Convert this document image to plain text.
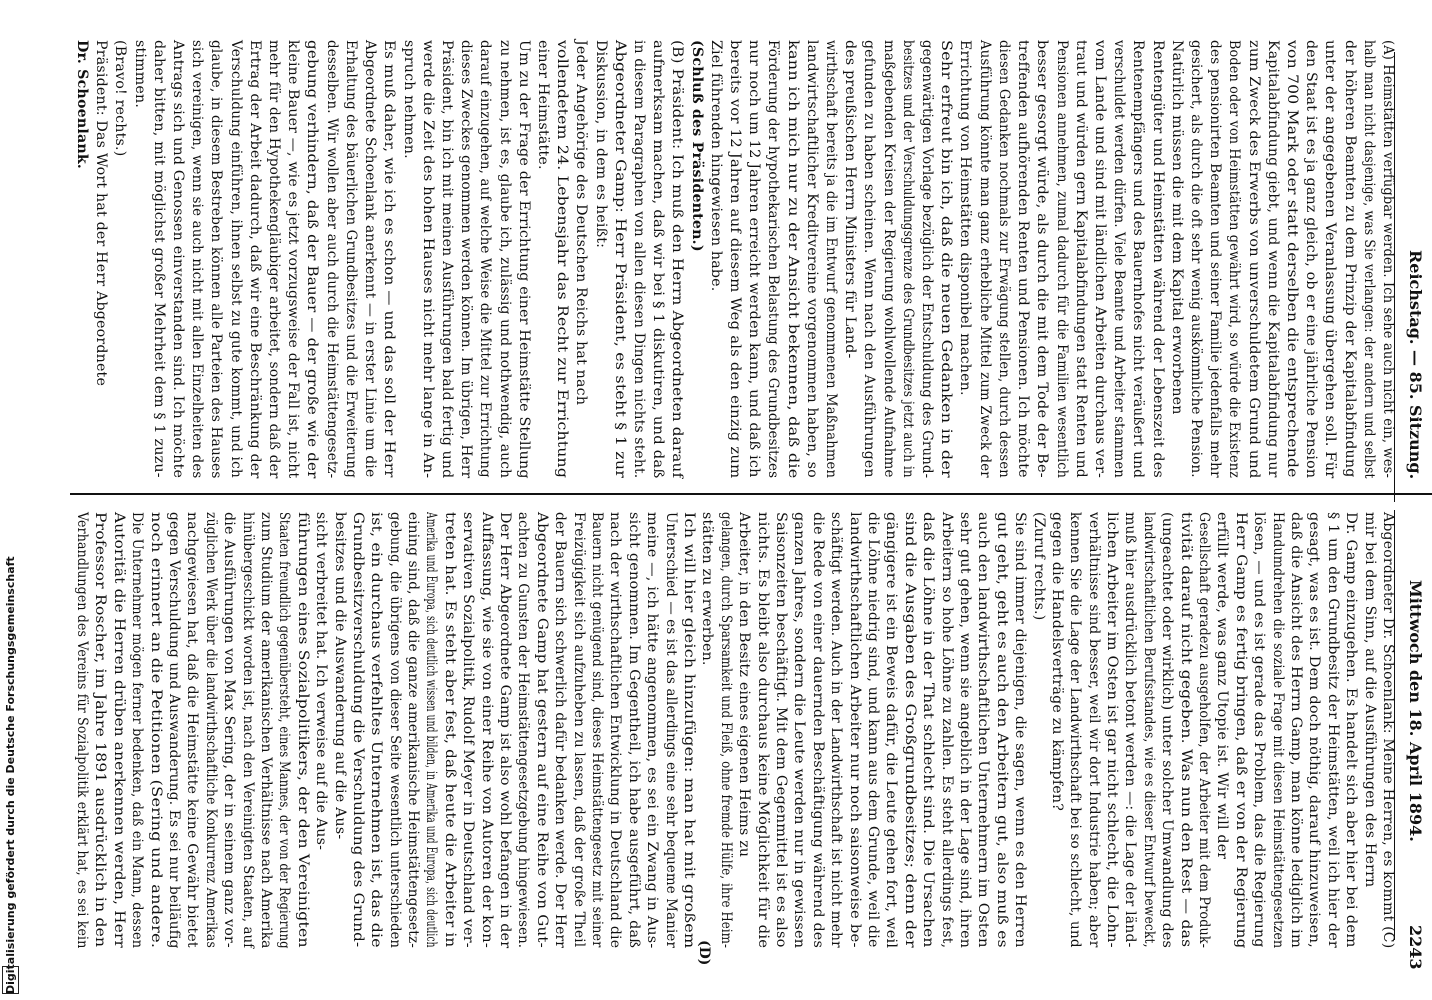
Digitalisierung gefördert durch die Deutsche Forschungsgemeinschaft
Reichstag. — 85. Sitzung.
Mittwoch den 18. April 1894.
2243
(D)
(A) Heimstätten verfügbar werden. Ich sehe auch nicht ein, wes-
halb man nicht dasjenige, was Sie verlangen: der andern und selbst
der höheren Beamten zu dem Prinzip der Kapitalabfindung
unter der angegebenen Veranlassung übergehen soll. Für
den Staat ist es ja ganz gleich, ob er eine jährliche Pension
von 700 Mark oder statt derselben die entsprechende
Kapitalabfindung giebt, und wenn die Kapitalabfindung nur
zum Zweck des Erwerbs von unverschuldetem Grund und
Boden oder von Heimstätten gewährt wird, so würde die Existenz
des pensionirten Beamten und seiner Familie jedenfalls mehr
gesichert, als durch die oft sehr wenig auskömmliche Pension.
Natürlich müssen die mit dem Kapital erworbenen
Rentengüter und Heimstätten während der Lebenszeit des
Rentenempfängers und des Bauernhofes nicht veräußert und
verschuldet werden dürfen. Viele Beamte und Arbeiter stammen
vom Lande und sind mit ländlichen Arbeiten durchaus ver-
traut und würden gern Kapitalabfindungen statt Renten und
Pensionen annehmen, zumal dadurch für die Familien wesentlich
besser gesorgt würde, als durch die mit dem Tode der Be-
treffenden aufhörenden Renten und Pensionen. Ich möchte
diesen Gedanken nochmals zur Erwägung stellen, durch dessen
Ausführung könnte man ganz erhebliche Mittel zum Zweck der
Errichtung von Heimstätten disponibel machen.
Sehr erfreut bin ich, daß die neuen Gedanken in der
gegenwärtigen Vorlage bezüglich der Entschuldung des Grund-
besitzes und der Verschuldungsgrenze des Grundbesitzes jetzt auch in
maßgebenden Kreisen der Regierung wohlwollende Aufnahme
gefunden zu haben scheinen. Wenn nach den Ausführungen
des preußischen Herrn Ministers für Land-
wirthschaft bereits ja die im Entwurf genommenen Maßnahmen
landwirtschaftlicher Kreditvereine vorgenommen haben, so
kann ich mich nur zu der Ansicht bekennen, daß die
Förderung der hypothekarischen Belastung des Grundbesitzes
nur noch um 12 Jahren erreicht werden kann, und daß ich
bereits vor 12 Jahren auf diesem Weg als den einzig zum
Ziel führenden hingewiesen habe.
(Schluß des Präsidenten.)
(B) Präsident: Ich muß den Herrn Abgeordneten darauf
aufmerksam machen, daß wir bei § 1 diskutiren, und daß
in diesem Paragraphen von allen diesen Dingen nichts steht.
Abgeordneter Gamp: Herr Präsident, es steht § 1 zur
Diskussion, in dem es heißt:
Jeder Angehörige des Deutschen Reichs hat nach
vollendetem 24. Lebensjahr das Recht zur Errichtung
einer Heimstätte.
Um zu der Frage der Errichtung einer Heimstätte Stellung
zu nehmen, ist es, glaube ich, zulässig und nothwendig, auch
darauf einzugehen, auf welche Weise die Mittel zur Errichtung
dieses Zweckes genommen werden können. Im übrigen, Herr
Präsident, bin ich mit meinen Ausführungen bald fertig und
werde die Zeit des hohen Hauses nicht mehr lange in An-
spruch nehmen.
Es muß daher, wie ich es schon — und das soll der Herr
Abgeordnete Schoenlank anerkennt — in erster Linie um die
Erhaltung des bäuerlichen Grundbesitzes und die Erweiterung
desselben. Wir wollen aber auch durch die Heimstättengesetz-
gebung verhindern, daß der Bauer — der große wie der
kleine Bauer —, wie es jetzt vorzugsweise der Fall ist, nicht
mehr für den Hypothekengläubiger arbeitet, sondern daß der
Ertrag der Arbeit dadurch, daß wir eine Beschränkung der
Verschuldung einführen, ihnen selbst zu gute kommt, und ich
glaube, in diesem Bestreben können alle Parteien des Hauses
sich vereinigen, wenn sie auch nicht mit allen Einzelheiten des
Antrags sich und Genossen einverstanden sind. Ich möchte
daher bitten, mit möglichst großer Mehrheit dem § 1 zuzu-
stimmen.
(Bravo! rechts.)
Präsident: Das Wort hat der Herr Abgeordnete
Dr. Schoenlank.
Abgeordneter Dr. Schoenlank: Meine Herren, es kommt (C)
mir bei dem Sinn, auf die Ausführungen des Herrn
Dr. Gamp einzugehen. Es handelt sich aber hier bei dem
§ 1 um den Grundbesitz der Heimstätten, weil ich hier der
gesagt, was es ist. Dem doch nöthig, darauf hinzuweisen,
daß die Ansicht des Herrn Gamp, man könne lediglich im
Handumdrehen die soziale Frage mit diesen Heimstättengesetzen
lösen, — und es ist gerade das Problem, das die Regierung
Herr Gamp es fertig bringen, daß er von der Regierung
erfüllt werde, was ganz Utopie ist. Wir will der
Gesellschaft geradezu ausgeholfen, der Arbeiter mit dem Produk-
tivität darauf nicht gegeben. Was nun den Rest — das
(ungeachtet oder wirklich) unter solcher Umwandlung des
landwirtschaftlichen Berufsstandes, wie es dieser Entwurf beweckt,
muß hier ausdrücklich betont werden —: die Lage der länd-
lichen Arbeiter im Osten ist gar nicht schlecht, die Lohn-
verhältnisse sind besser, weil wir dort Industrie haben; aber
kennen Sie die Lage der Landwirthschaft bei so schlecht, und
gegen die Handelsverträge zu kämpfen?
(Zuruf rechts.)
Sie sind immer diejenigen, die sagen, wenn es den Herren
gut geht, geht es auch den Arbeitern gut, also muß es
auch den landwirthschaftlichen Unternehmern im Osten
sehr gut gehen, wenn sie angeblich in der Lage sind, ihren
Arbeitern so hohe Löhne zu zahlen. Es steht allerdings fest,
daß die Löhne in der That schlecht sind. Die Ursachen
sind die Ausgaben des Großgrundbesitzes; denn der
gängigere ist ein Beweis dafür, die Leute gehen fort, weil
die Löhne niedrig sind, und kann aus dem Grunde, weil die
landwirthschaftlichen Arbeiter nur noch saisonweise be-
schäftigt werden. Auch in der Landwirthschaft ist nicht mehr
die Rede von einer dauernden Beschäftigung während des
ganzen Jahres, sondern die Leute werden nur in gewissen
Saisonzeiten beschäftigt. Mit dem Gegenmittel ist es also
nichts. Es bleibt also durchaus keine Möglichkeit für die
Arbeiter, in den Besitz eines eigenen Heims zu
gelangen, durch Sparsamkeit und Fleiß, ohne fremde Hülfe, ihre Heim-
stätten zu erwerben.
Ich will hier gleich hinzufügen: man hat mit großem
Unterschied — es ist das allerdings eine sehr bequeme Manier
meine —, ich hätte angenommen, es sei ein Zwang in Aus-
sicht genommen. Im Gegentheil, ich habe ausgeführt, daß
nach der wirthschaftlichen Entwicklung in Deutschland die
Bauern nicht genügend sind, dieses Heimstättengesetz mit seiner
Freizügigkeit sich aufzuheben zu lassen, daß der große Theil
der Bauern sich schwerlich dafür bedanken werde. Der Herr
Abgeordnete Gamp hat gestern auf eine Reihe von Gut-
achten zu Gunsten der Heimstättengesetzgebung hingewiesen.
Der Herr Abgeordnete Gamp ist also wohl befangen in der
Auffassung, wie sie von einer Reihe von Autoren der kon-
servativen Sozialpolitik, Rudolf Meyer in Deutschland ver-
treten hat. Es steht aber fest, daß heute die Arbeiter in
Amerika und Europa, sich deutlich wissen und bilden, in Amerika und Europa, sich deutlich
eining sind, daß die ganze amerikanische Heimstättengesetz-
gebung, die übrigens von dieser Seite wesentlich unterschieden
ist, ein durchaus verfehltes Unternehmen ist, das die
Grundbesitzverschuldung die Verschuldung des Grund-
besitzes und die Auswanderung auf die Aus-
sicht verbreitet hat. Ich verweise auf die Aus-
führungen eines Sozialpolitikers, der den Vereinigten
Staaten freundlich gegenübersteht, eines Mannes, der von der Regierung
zum Studium der amerikanischen Verhältnisse nach Amerika
hinübergeschickt worden ist, nach den Vereinigten Staaten, auf
die Ausführungen von Max Sering, der in seinem ganz vor-
züglichen Werk über die landwirthschaftliche Konkurrenz Amerikas
nachgewiesen hat, daß die Heimstätte keine Gewähr bietet
gegen Verschuldung und Auswanderung. Es sei nur beiläufig
noch erinnert an die Petitionen (Sering und andere.
Die Unternehmer mögen ferner bedenken, daß ein Mann, dessen
Autorität die Herren drüben anerkennen werden, Herr
Professor Roscher, im Jahre 1891 ausdrücklich in den
Verhandlungen des Vereins für Sozialpolitik erklärt hat, es sei kein
